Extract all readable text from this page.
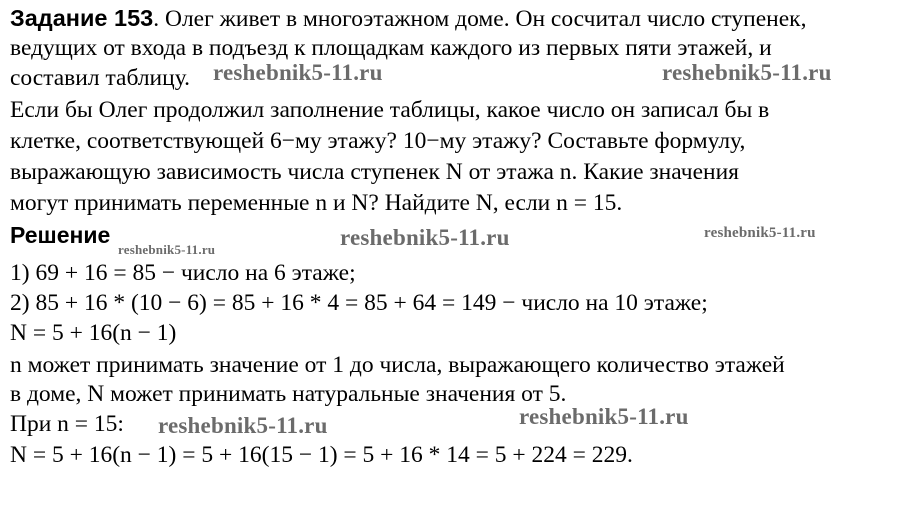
Задание 153. Олег живет в многоэтажном доме. Он сосчитал число ступенек,
ведущих от входа в подъезд к площадкам каждого из первых пяти этажей, и
составил таблицу.
Если бы Олег продолжил заполнение таблицы, какое число он записал бы в
клетке, соответствующей 6−му этажу? 10−му этажу? Составьте формулу,
выражающую зависимость числа ступенек N от этажа n. Какие значения
могут принимать переменные n и N? Найдите N, если n = 15.
Решение
1) 69 + 16 = 85 − число на 6 этаже;
2) 85 + 16 * (10 − 6) = 85 + 16 * 4 = 85 + 64 = 149 − число на 10 этаже;
N = 5 + 16(n − 1)
n может принимать значение от 1 до числа, выражающего количество этажей
в доме, N может принимать натуральные значения от 5.
При n = 15:
N = 5 + 16(n − 1) = 5 + 16(15 − 1) = 5 + 16 * 14 = 5 + 224 = 229.
reshebnik5-11.ru	reshebnik5-11.ru
reshebnik5-11.ru	reshebnik5-11.ru
reshebnik5-11.ru
reshebnik5-11.ru
reshebnik5-11.ru
